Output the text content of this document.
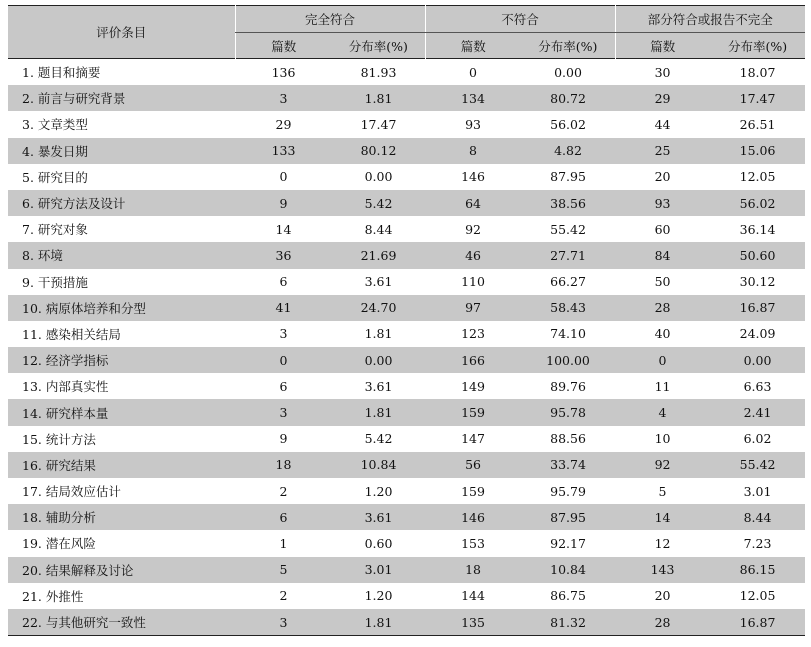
评价条目	完全符合		不符合		部分符合或报告不完全	
	篇数	分布率(%)	篇数	分布率(%)	篇数	分布率(%)
1. 题目和摘要	136	81.93	0	0.00	30	18.07
2. 前言与研究背景	3	1.81	134	80.72	29	17.47
3. 文章类型	29	17.47	93	56.02	44	26.51
4. 暴发日期	133	80.12	8	4.82	25	15.06
5. 研究目的	0	0.00	146	87.95	20	12.05
6. 研究方法及设计	9	5.42	64	38.56	93	56.02
7. 研究对象	14	8.44	92	55.42	60	36.14
8. 环境	36	21.69	46	27.71	84	50.60
9. 干预措施	6	3.61	110	66.27	50	30.12
10. 病原体培养和分型	41	24.70	97	58.43	28	16.87
11. 感染相关结局	3	1.81	123	74.10	40	24.09
12. 经济学指标	0	0.00	166	100.00	0	0.00
13. 内部真实性	6	3.61	149	89.76	11	6.63
14. 研究样本量	3	1.81	159	95.78	4	2.41
15. 统计方法	9	5.42	147	88.56	10	6.02
16. 研究结果	18	10.84	56	33.74	92	55.42
17. 结局效应估计	2	1.20	159	95.79	5	3.01
18. 辅助分析	6	3.61	146	87.95	14	8.44
19. 潜在风险	1	0.60	153	92.17	12	7.23
20. 结果解释及讨论	5	3.01	18	10.84	143	86.15
21. 外推性	2	1.20	144	86.75	20	12.05
22. 与其他研究一致性	3	1.81	135	81.32	28	16.87
